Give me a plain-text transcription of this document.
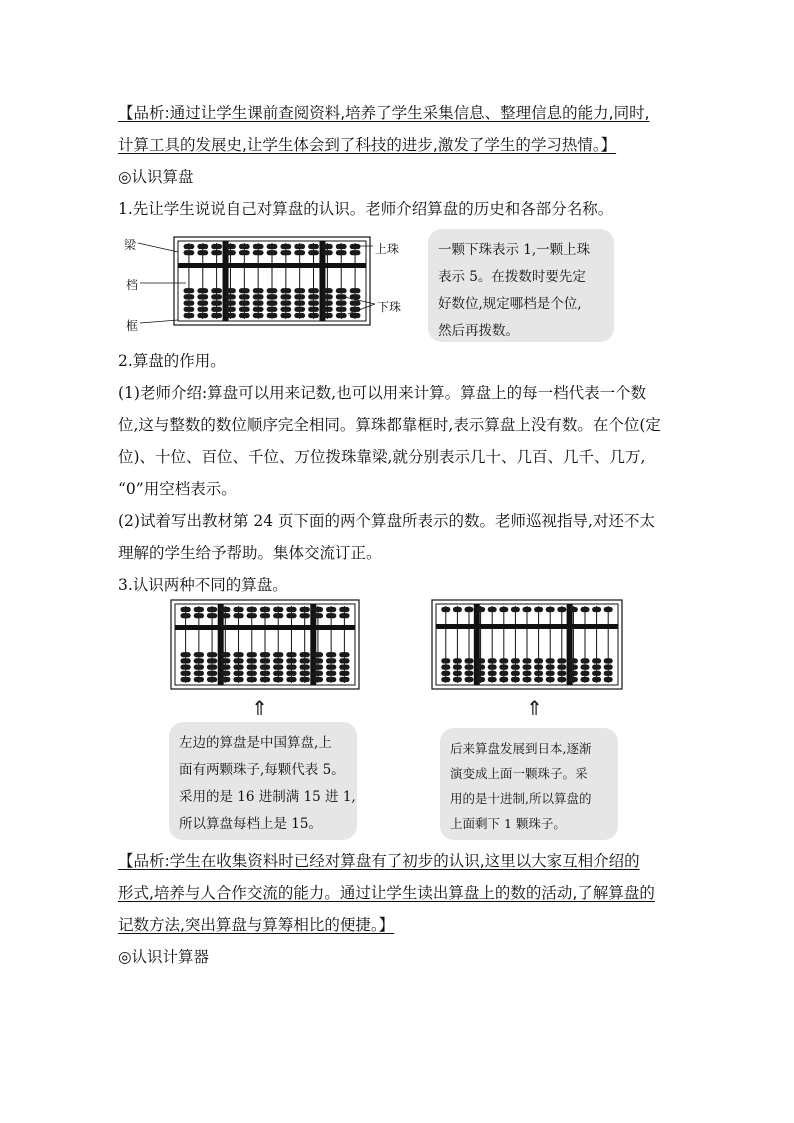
【品析:通过让学生课前查阅资料,培养了学生采集信息、整理信息的能力,同时,
计算工具的发展史,让学生体会到了科技的进步,激发了学生的学习热情。】
◎认识算盘
1.先让学生说说自己对算盘的认识。老师介绍算盘的历史和各部分名称。
梁
档
框
上珠
下珠
一颗下珠表示 1,一颗上珠
表示 5。在拨数时要先定
好数位,规定哪档是个位,
然后再拨数。
2.算盘的作用。
(1)老师介绍:算盘可以用来记数,也可以用来计算。算盘上的每一档代表一个数
位,这与整数的数位顺序完全相同。算珠都靠框时,表示算盘上没有数。在个位(定
位)、十位、百位、千位、万位拨珠靠梁,就分别表示几十、几百、几千、几万,
“0”用空档表示。
(2)试着写出教材第 24 页下面的两个算盘所表示的数。老师巡视指导,对还不太
理解的学生给予帮助。集体交流订正。
3.认识两种不同的算盘。
⇑	⇑
左边的算盘是中国算盘,上
面有两颗珠子,每颗代表 5。
采用的是 16 进制满 15 进 1,
所以算盘每档上是 15。
后来算盘发展到日本,逐渐
演变成上面一颗珠子。采
用的是十进制,所以算盘的
上面剩下 1 颗珠子。
【品析:学生在收集资料时已经对算盘有了初步的认识,这里以大家互相介绍的
形式,培养与人合作交流的能力。通过让学生读出算盘上的数的活动,了解算盘的
记数方法,突出算盘与算筹相比的便捷。】
◎认识计算器
